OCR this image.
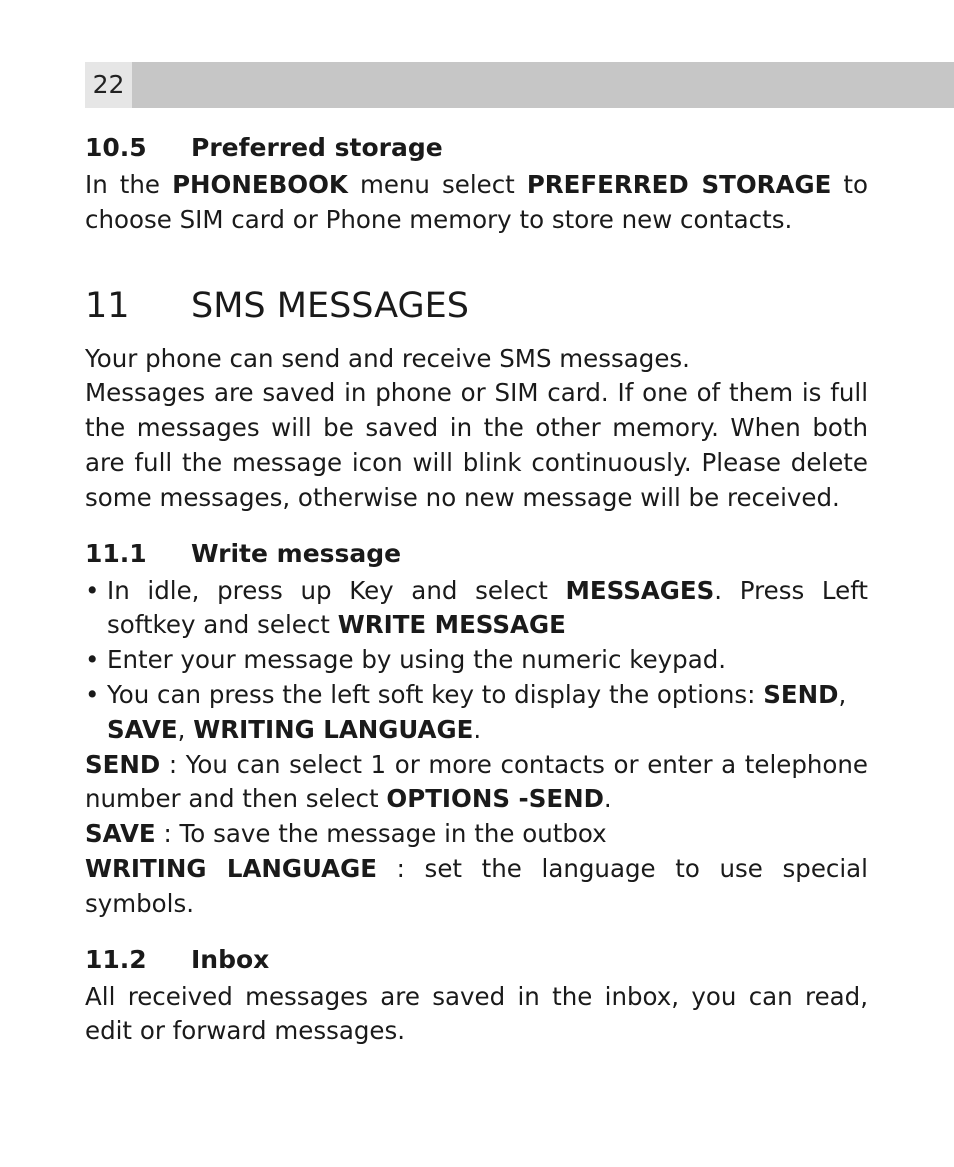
22
10.5 Preferred storage

In the PHONEBOOK menu select PREFERRED STORAGE to choose SIM card or Phone memory to store new contacts.

11 SMS MESSAGES

Your phone can send and receive SMS messages.

Messages are saved in phone or SIM card. If one of them is full the messages will be saved in the other memory. When both are full the message icon will blink continuously. Please delete some messages, otherwise no new message will be received.

11.1 Write message
• In idle, press up Key and select MESSAGES. Press Left softkey and select WRITE MESSAGE
• Enter your message by using the numeric keypad.
• You can press the left soft key to display the options: SEND, SAVE, WRITING LANGUAGE.

SEND : You can select 1 or more contacts or enter a telephone number and then select OPTIONS -SEND.

SAVE : To save the message in the outbox

WRITING LANGUAGE : set the language to use special symbols.

11.2 Inbox

All received messages are saved in the inbox, you can read, edit or forward messages.
